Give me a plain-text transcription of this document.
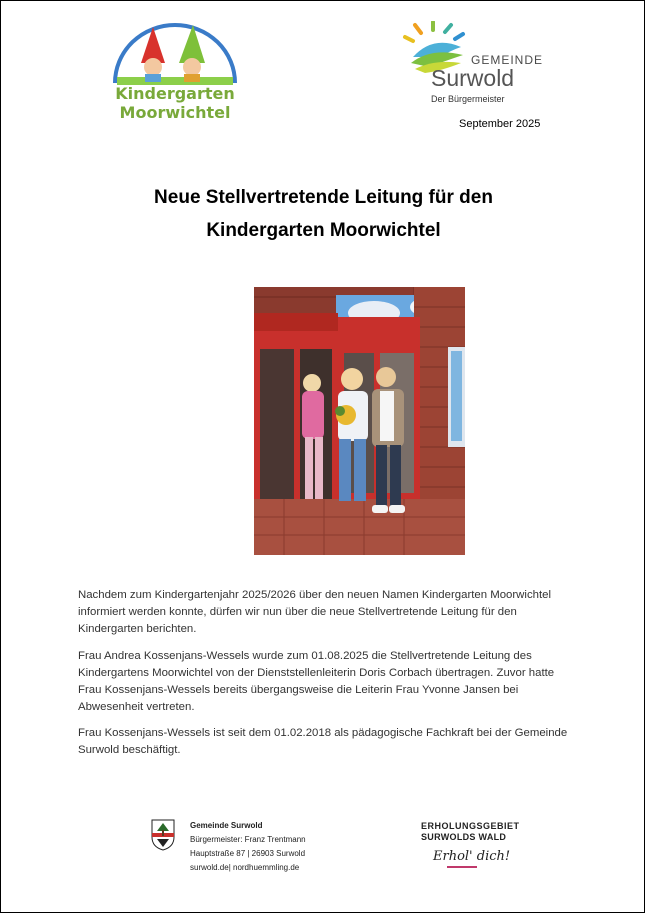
Kindergarten
Moorwichtel
GEMEINDE
Surwold
Der Bürgermeister
September 2025
Neue Stellvertretende Leitung für den
Kindergarten Moorwichtel

Nachdem zum Kindergartenjahr 2025/2026 über den neuen Namen Kindergarten Moorwichtel informiert werden konnte, dürfen wir nun über die neue Stellvertretende Leitung für den Kindergarten berichten.

Frau Andrea Kossenjans-Wessels wurde zum 01.08.2025 die Stellvertretende Leitung des Kindergartens Moorwichtel von der Dienststellenleiterin Doris Corbach übertragen. Zuvor hatte Frau Kossenjans-Wessels bereits übergangsweise die Leiterin Frau Yvonne Jansen bei Abwesenheit vertreten.

Frau Kossenjans-Wessels ist seit dem 01.02.2018 als pädagogische Fachkraft bei der Gemeinde Surwold beschäftigt.

Gemeinde Surwold
Bürgermeister: Franz Trentmann
Hauptstraße 87 | 26903 Surwold
surwold.de| nordhuemmling.de
ERHOLUNGSGEBIET
SURWOLDS WALD
Erhol' dich!
